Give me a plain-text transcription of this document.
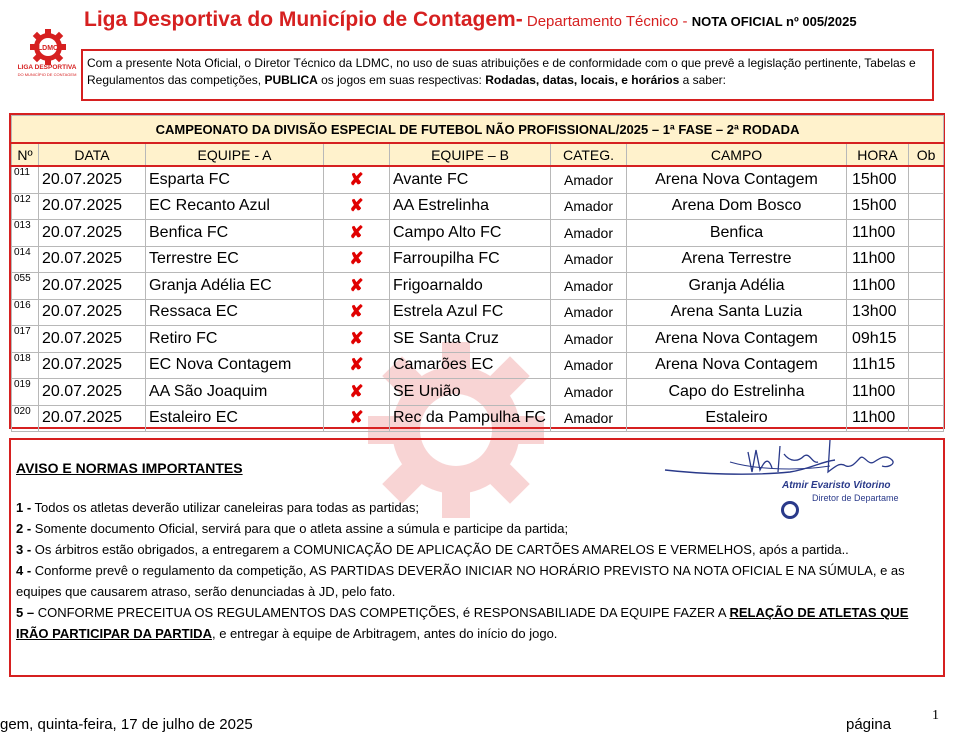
LDMC
LIGA DESPORTIVA
DO MUNICÍPIO DE CONTAGEM
Liga Desportiva do Município de Contagem- Departamento Técnico - NOTA OFICIAL nº 005/2025
Com a presente Nota Oficial, o Diretor Técnico da LDMC, no uso de suas atribuições e de conformidade com o que prevê a legislação pertinente, Tabelas e Regulamentos das competições, PUBLICA os jogos em suas respectivas: Rodadas, datas, locais, e horários a saber:
CAMPEONATO DA DIVISÃO ESPECIAL DE FUTEBOL NÃO PROFISSIONAL/2025 – 1ª FASE – 2ª RODADA								
Nº	DATA	EQUIPE - A		EQUIPE – B	CATEG.	CAMPO	HORA	Ob
011	20.07.2025	Esparta FC	✘	Avante FC	Amador	Arena Nova Contagem	15h00	
012	20.07.2025	EC Recanto Azul	✘	AA Estrelinha	Amador	Arena Dom Bosco	15h00	
013	20.07.2025	Benfica FC	✘	Campo Alto FC	Amador	Benfica	11h00	
014	20.07.2025	Terrestre EC	✘	Farroupilha FC	Amador	Arena Terrestre	11h00	
055	20.07.2025	Granja Adélia EC	✘	Frigoarnaldo	Amador	Granja Adélia	11h00	
016	20.07.2025	Ressaca EC	✘	Estrela Azul FC	Amador	Arena Santa Luzia	13h00	
017	20.07.2025	Retiro FC	✘	SE Santa Cruz	Amador	Arena Nova Contagem	09h15	
018	20.07.2025	EC Nova Contagem	✘	Camarões EC	Amador	Arena Nova Contagem	11h15	
019	20.07.2025	AA São Joaquim	✘	SE União	Amador	Capo do Estrelinha	11h00	
020	20.07.2025	Estaleiro EC	✘	Rec da Pampulha FC	Amador	Estaleiro	11h00	
AVISO E NORMAS IMPORTANTES
1 - Todos os atletas deverão utilizar caneleiras para todas as partidas;
2 - Somente documento Oficial, servirá para que o atleta assine a súmula e participe da partida;
3 - Os árbitros estão obrigados, a entregarem a COMUNICAÇÃO DE APLICAÇÃO DE CARTÕES AMARELOS E VERMELHOS, após a partida..
4 - Conforme prevê o regulamento da competição, AS PARTIDAS DEVERÃO INICIAR NO HORÁRIO PREVISTO NA NOTA OFICIAL E NA SÚMULA, e as equipes que causarem atraso, serão denunciadas à JD, pelo fato.
5 – CONFORME PRECEITUA OS REGULAMENTOS DAS COMPETIÇÕES, é RESPONSABILIADE DA EQUIPE FAZER A RELAÇÃO DE ATLETAS QUE IRÃO PARTICIPAR DA PARTIDA, e entregar à equipe de Arbitragem, antes do início do jogo.
Atmir Evaristo Vitorino
Diretor de Departame
gem, quinta-feira, 17 de julho de 2025	página
1
